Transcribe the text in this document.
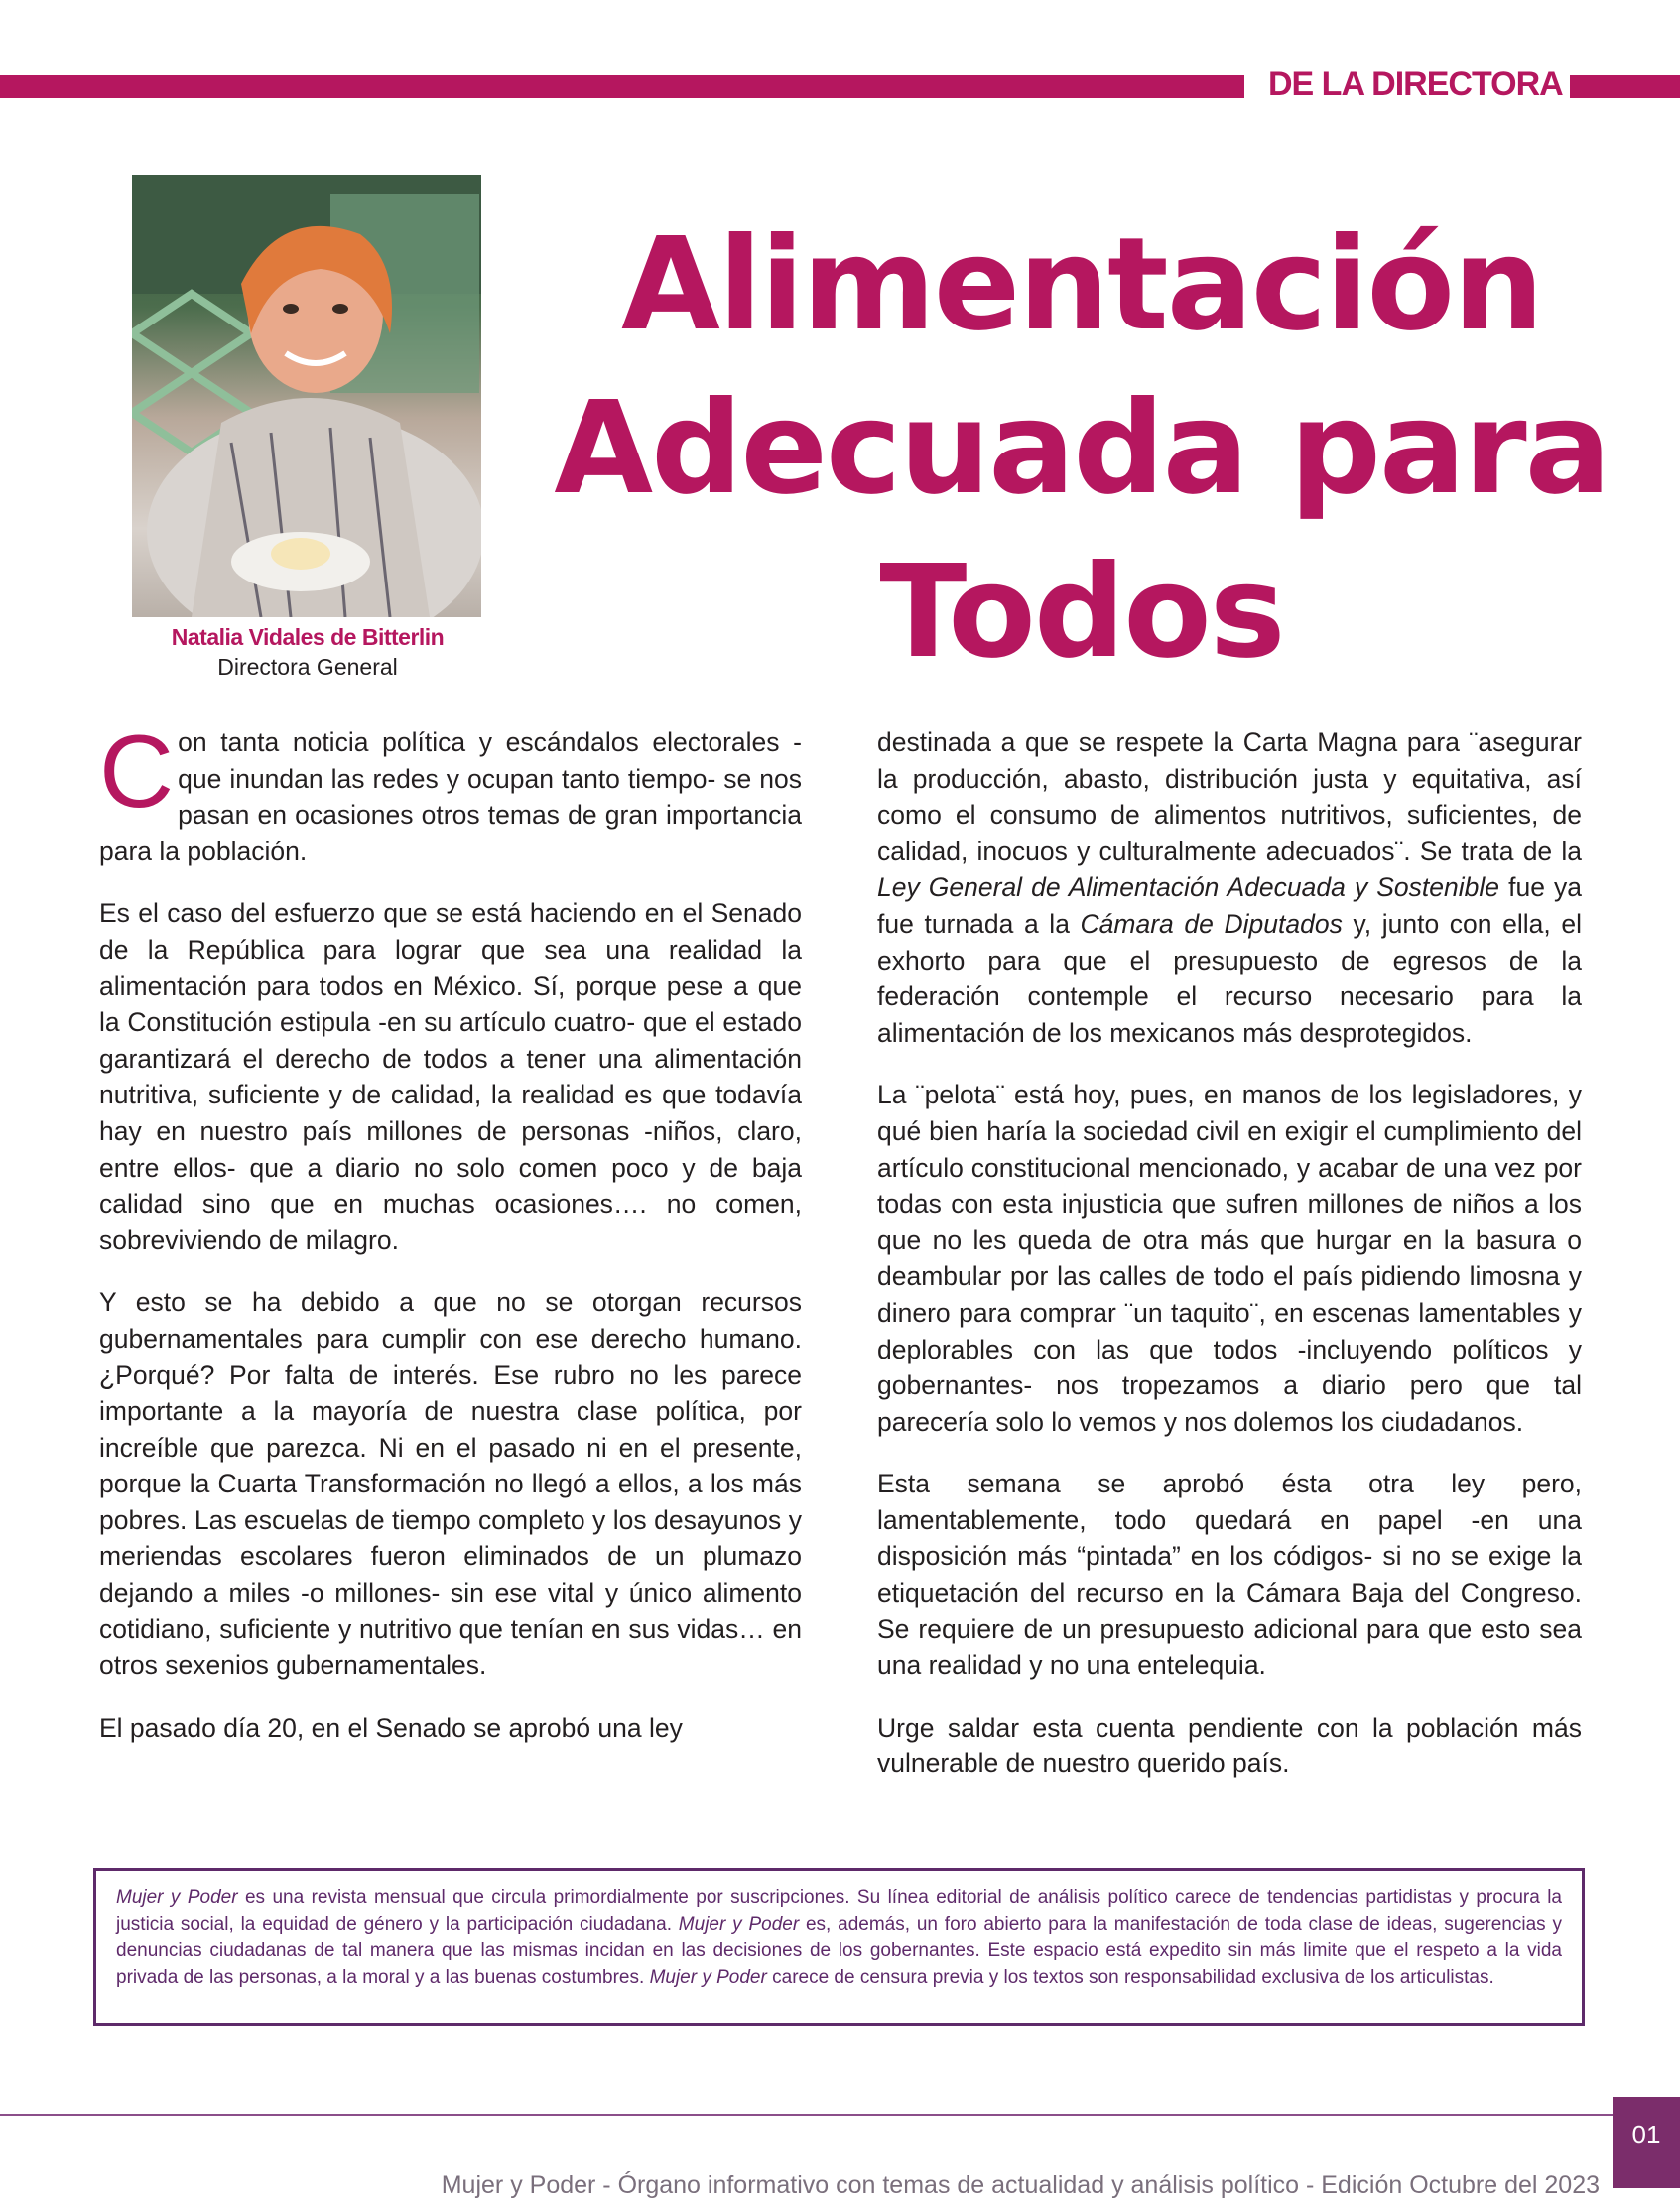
DE LA DIRECTORA
Natalia Vidales de Bitterlin
Directora General
Alimentación
Adecuada para
Todos

Con tanta noticia política y escándalos electorales -que inundan las redes y ocupan tanto tiempo- se nos pasan en ocasiones otros temas de gran importancia para la población.

Es el caso del esfuerzo que se está haciendo en el Senado de la República para lograr que sea una realidad la alimentación para todos en México. Sí, porque pese a que la Constitución estipula -en su artículo cuatro- que el estado garantizará el derecho de todos a tener una alimentación nutritiva, suficiente y de calidad, la realidad es que todavía hay en nuestro país millones de personas -niños, claro, entre ellos- que a diario no solo comen poco y de baja calidad sino que en muchas ocasiones…. no comen, sobreviviendo de milagro.

Y esto se ha debido a que no se otorgan recursos gubernamentales para cumplir con ese derecho humano. ¿Porqué? Por falta de interés. Ese rubro no les parece importante a la mayoría de nuestra clase política, por increíble que parezca. Ni en el pasado ni en el presente, porque la Cuarta Transformación no llegó a ellos, a los más pobres. Las escuelas de tiempo completo y los desayunos y meriendas escolares fueron eliminados de un plumazo dejando a miles -o millones- sin ese vital y único alimento cotidiano, suficiente y nutritivo que tenían en sus vidas… en otros sexenios gubernamentales.

El pasado día 20, en el Senado se aprobó una ley

destinada a que se respete la Carta Magna para ¨asegurar la producción, abasto, distribución justa y equitativa, así como el consumo de alimentos nutritivos, suficientes, de calidad, inocuos y culturalmente adecuados¨. Se trata de la Ley General de Alimentación Adecuada y Sostenible fue ya fue turnada a la Cámara de Diputados y, junto con ella, el exhorto para que el presupuesto de egresos de la federación contemple el recurso necesario para la alimentación de los mexicanos más desprotegidos.

La ¨pelota¨ está hoy, pues, en manos de los legisladores, y qué bien haría la sociedad civil en exigir el cumplimiento del artículo constitucional mencionado, y acabar de una vez por todas con esta injusticia que sufren millones de niños a los que no les queda de otra más que hurgar en la basura o deambular por las calles de todo el país pidiendo limosna y dinero para comprar ¨un taquito¨, en escenas lamentables y deplorables con las que todos -incluyendo políticos y gobernantes- nos tropezamos a diario pero que tal parecería solo lo vemos y nos dolemos los ciudadanos.

Esta semana se aprobó ésta otra ley pero, lamentablemente, todo quedará en papel -en una disposición más “pintada” en los códigos- si no se exige la etiquetación del recurso en la Cámara Baja del Congreso. Se requiere de un presupuesto adicional para que esto sea una realidad y no una entelequia.

Urge saldar esta cuenta pendiente con la población más vulnerable de nuestro querido país.

Mujer y Poder es una revista mensual que circula primordialmente por suscripciones. Su línea editorial de análisis político carece de tendencias partidistas y procura la justicia social, la equidad de género y la participación ciudadana. Mujer y Poder es, además, un foro abierto para la manifestación de toda clase de ideas, sugerencias y denuncias ciudadanas de tal manera que las mismas incidan en las decisiones de los gobernantes. Este espacio está expedito sin más limite que el respeto a la vida privada de las personas, a la moral y a las buenas costumbres. Mujer y Poder carece de censura previa y los textos son responsabilidad exclusiva de los articulistas.
01
Mujer y Poder - Órgano informativo con temas de actualidad y análisis político - Edición Octubre del 2023
